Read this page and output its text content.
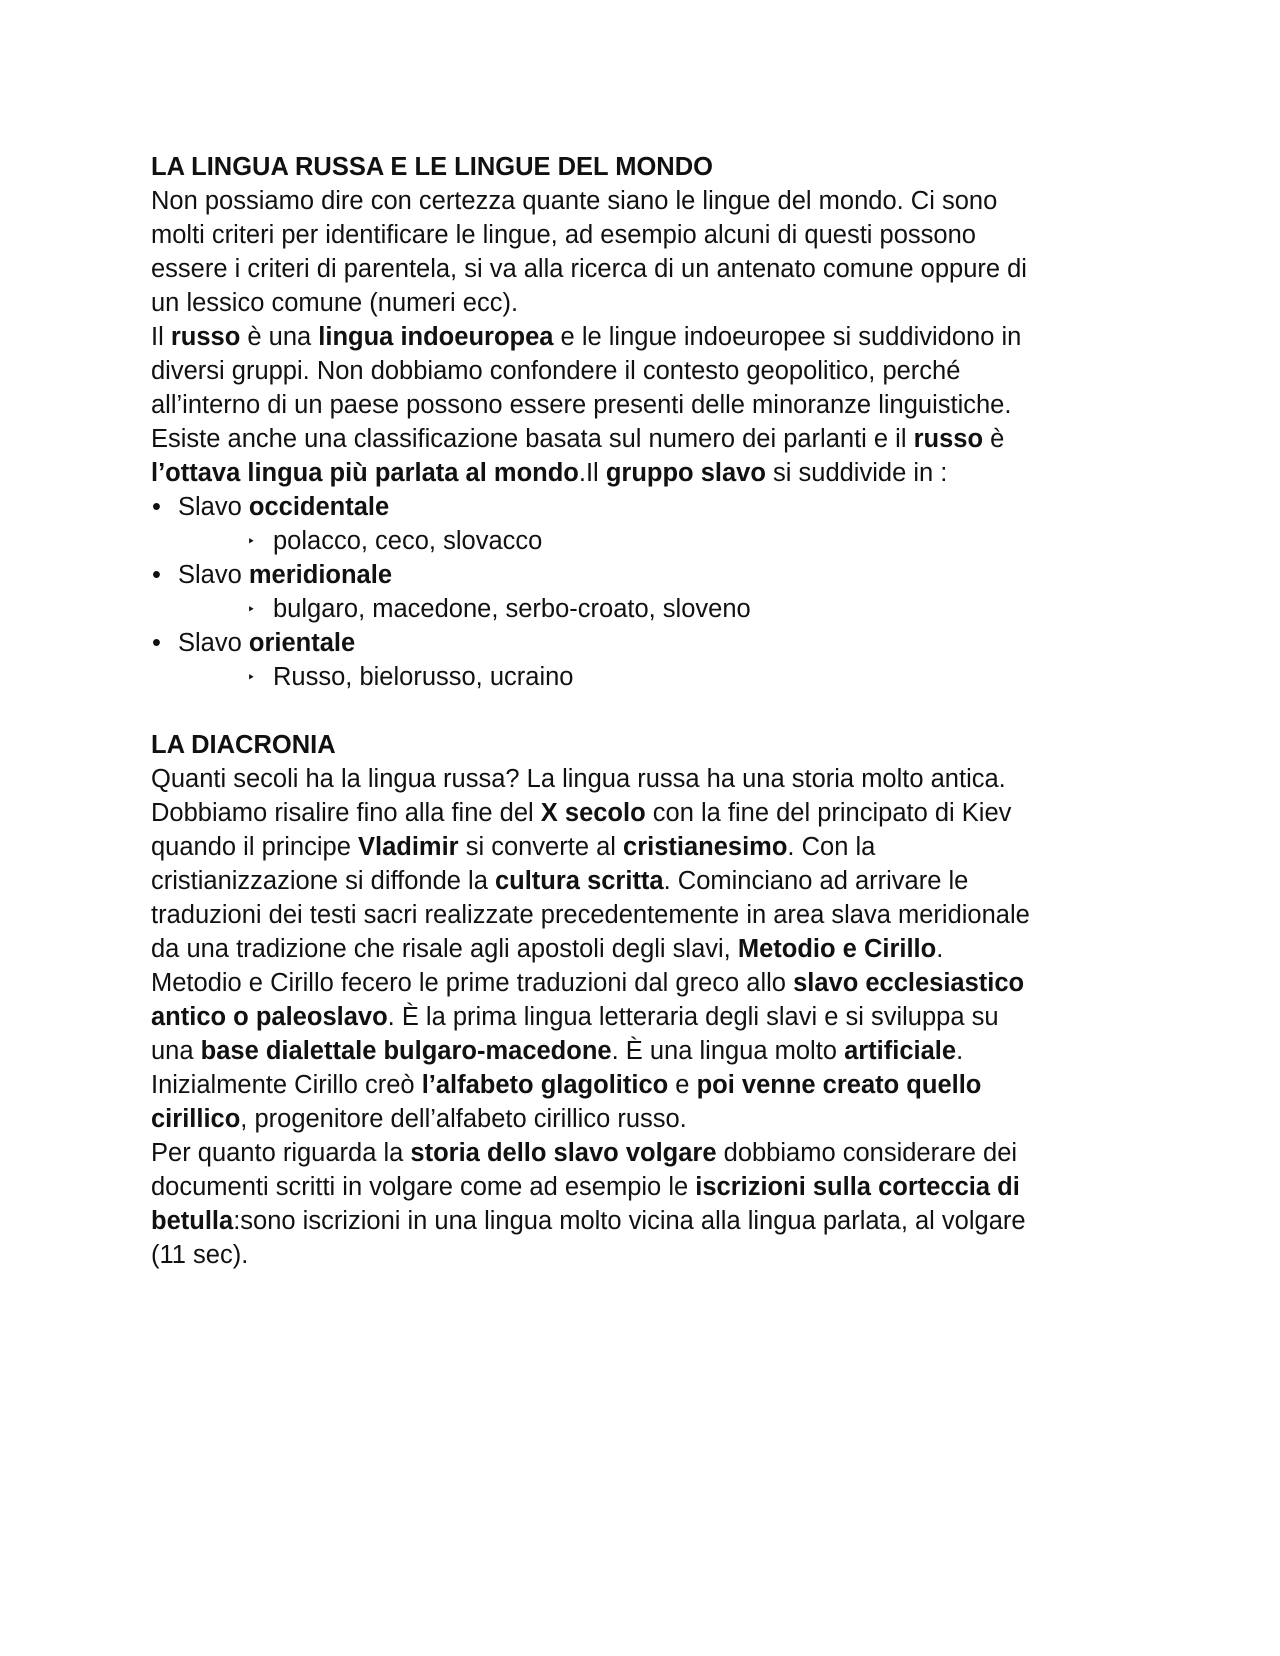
LA LINGUA RUSSA E LE LINGUE DEL MONDO
Non possiamo dire con certezza quante siano le lingue del mondo. Ci sono
molti criteri per identificare le lingue, ad esempio alcuni di questi possono
essere i criteri di parentela, si va alla ricerca di un antenato comune oppure di
un lessico comune (numeri ecc).
Il russo è una lingua indoeuropea e le lingue indoeuropee si suddividono in
diversi gruppi. Non dobbiamo confondere il contesto geopolitico, perché
all’interno di un paese possono essere presenti delle minoranze linguistiche.
Esiste anche una classificazione basata sul numero dei parlanti e il russo è
l’ottava lingua più parlata al mondo.Il gruppo slavo si suddivide in :
• Slavo occidentale
‣ polacco, ceco, slovacco
• Slavo meridionale
‣ bulgaro, macedone, serbo-croato, sloveno
• Slavo orientale
‣ Russo, bielorusso, ucraino
LA DIACRONIA
Quanti secoli ha la lingua russa? La lingua russa ha una storia molto antica.
Dobbiamo risalire fino alla fine del X secolo con la fine del principato di Kiev
quando il principe Vladimir si converte al cristianesimo. Con la
cristianizzazione si diffonde la cultura scritta. Cominciano ad arrivare le
traduzioni dei testi sacri realizzate precedentemente in area slava meridionale
da una tradizione che risale agli apostoli degli slavi, Metodio e Cirillo.
Metodio e Cirillo fecero le prime traduzioni dal greco allo slavo ecclesiastico
antico o paleoslavo. È la prima lingua letteraria degli slavi e si sviluppa su
una base dialettale bulgaro-macedone. È una lingua molto artificiale.
Inizialmente Cirillo creò l’alfabeto glagolitico e poi venne creato quello
cirillico, progenitore dell’alfabeto cirillico russo.
Per quanto riguarda la storia dello slavo volgare dobbiamo considerare dei
documenti scritti in volgare come ad esempio le iscrizioni sulla corteccia di
betulla:sono iscrizioni in una lingua molto vicina alla lingua parlata, al volgare
(11 sec).
